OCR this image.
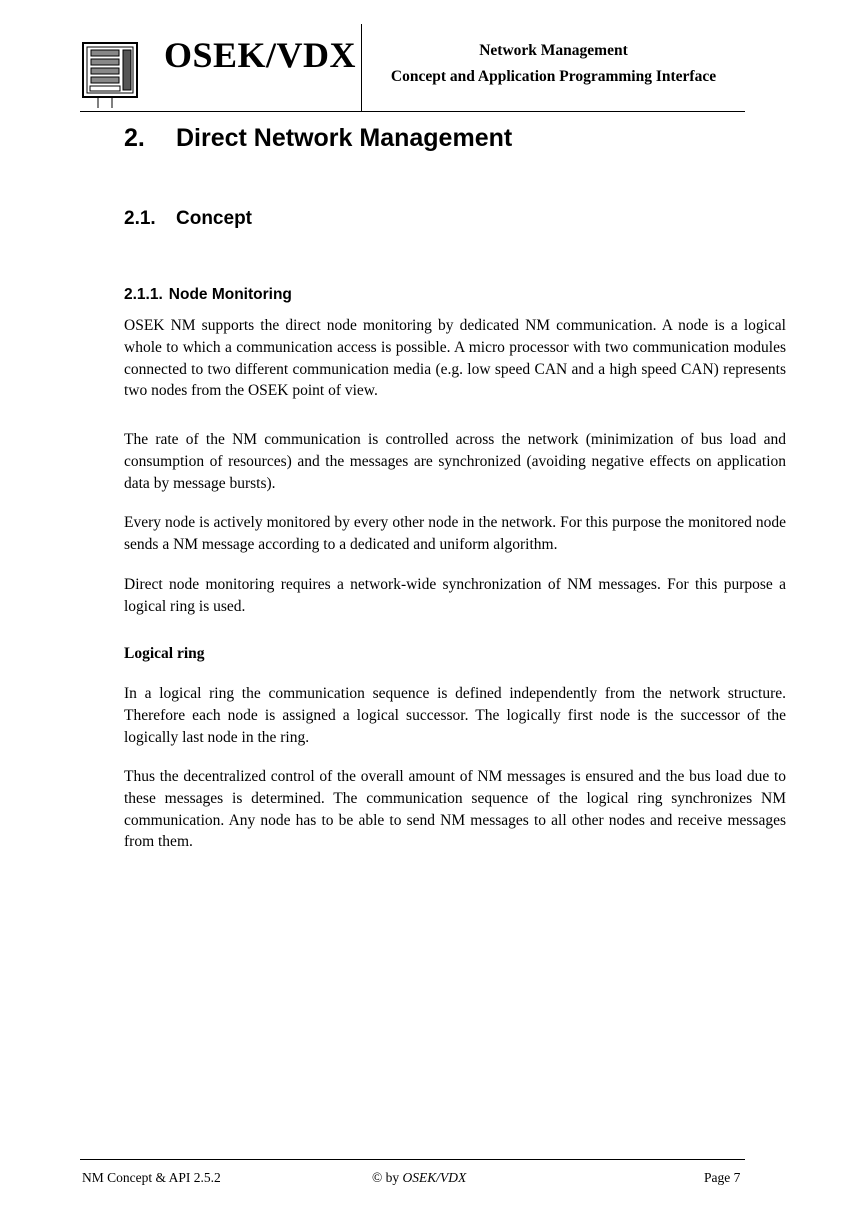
OSEK/VDX	Network Management
Concept and Application Programming Interface
2. Direct Network Management
2.1. Concept
2.1.1. Node Monitoring

OSEK NM supports the direct node monitoring by dedicated NM communication. A node is a logical whole to which a communication access is possible. A micro processor with two communication modules connected to two different communication media (e.g. low speed CAN and a high speed CAN) represents two nodes from the OSEK point of view.

The rate of the NM communication is controlled across the network (minimization of bus load and consumption of resources) and the messages are synchronized (avoiding negative effects on application data by message bursts).

Every node is actively monitored by every other node in the network. For this purpose the monitored node sends a NM message according to a dedicated and uniform algorithm.

Direct node monitoring requires a network-wide synchronization of NM messages. For this purpose a logical ring is used.

Logical ring

In a logical ring the communication sequence is defined independently from the network structure. Therefore each node is assigned a logical successor. The logically first node is the successor of the logically last node in the ring.

Thus the decentralized control of the overall amount of NM messages is ensured and the bus load due to these messages is determined. The communication sequence of the logical ring synchronizes NM communication. Any node has to be able to send NM messages to all other nodes and receive messages from them.

NM Concept & API 2.5.2	© by OSEK/VDX	Page 7
